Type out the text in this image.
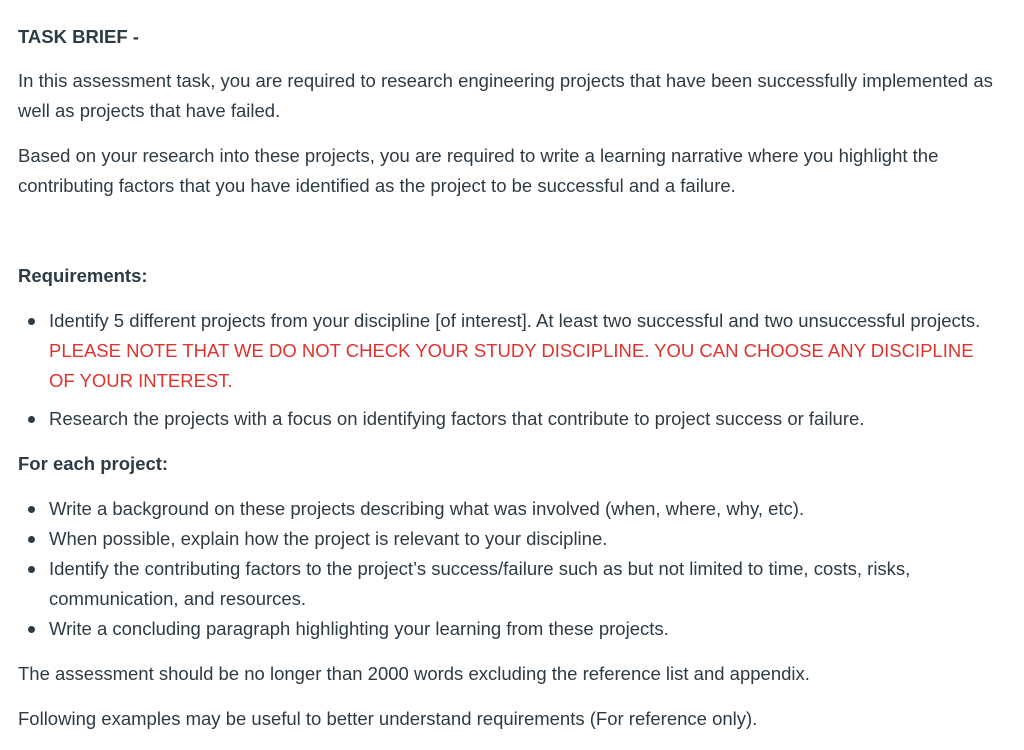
TASK BRIEF -

In this assessment task, you are required to research engineering projects that have been successfully implemented as well as projects that have failed.

Based on your research into these projects, you are required to write a learning narrative where you highlight the contributing factors that you have identified as the project to be successful and a failure.

Requirements:

Identify 5 different projects from your discipline [of interest]. At least two successful and two unsuccessful projects. PLEASE NOTE THAT WE DO NOT CHECK YOUR STUDY DISCIPLINE. YOU CAN CHOOSE ANY DISCIPLINE OF YOUR INTEREST.
Research the projects with a focus on identifying factors that contribute to project success or failure.

For each project:

Write a background on these projects describing what was involved (when, where, why, etc).
When possible, explain how the project is relevant to your discipline.
Identify the contributing factors to the project’s success/failure such as but not limited to time, costs, risks, communication, and resources.
Write a concluding paragraph highlighting your learning from these projects.

The assessment should be no longer than 2000 words excluding the reference list and appendix.

Following examples may be useful to better understand requirements (For reference only).
